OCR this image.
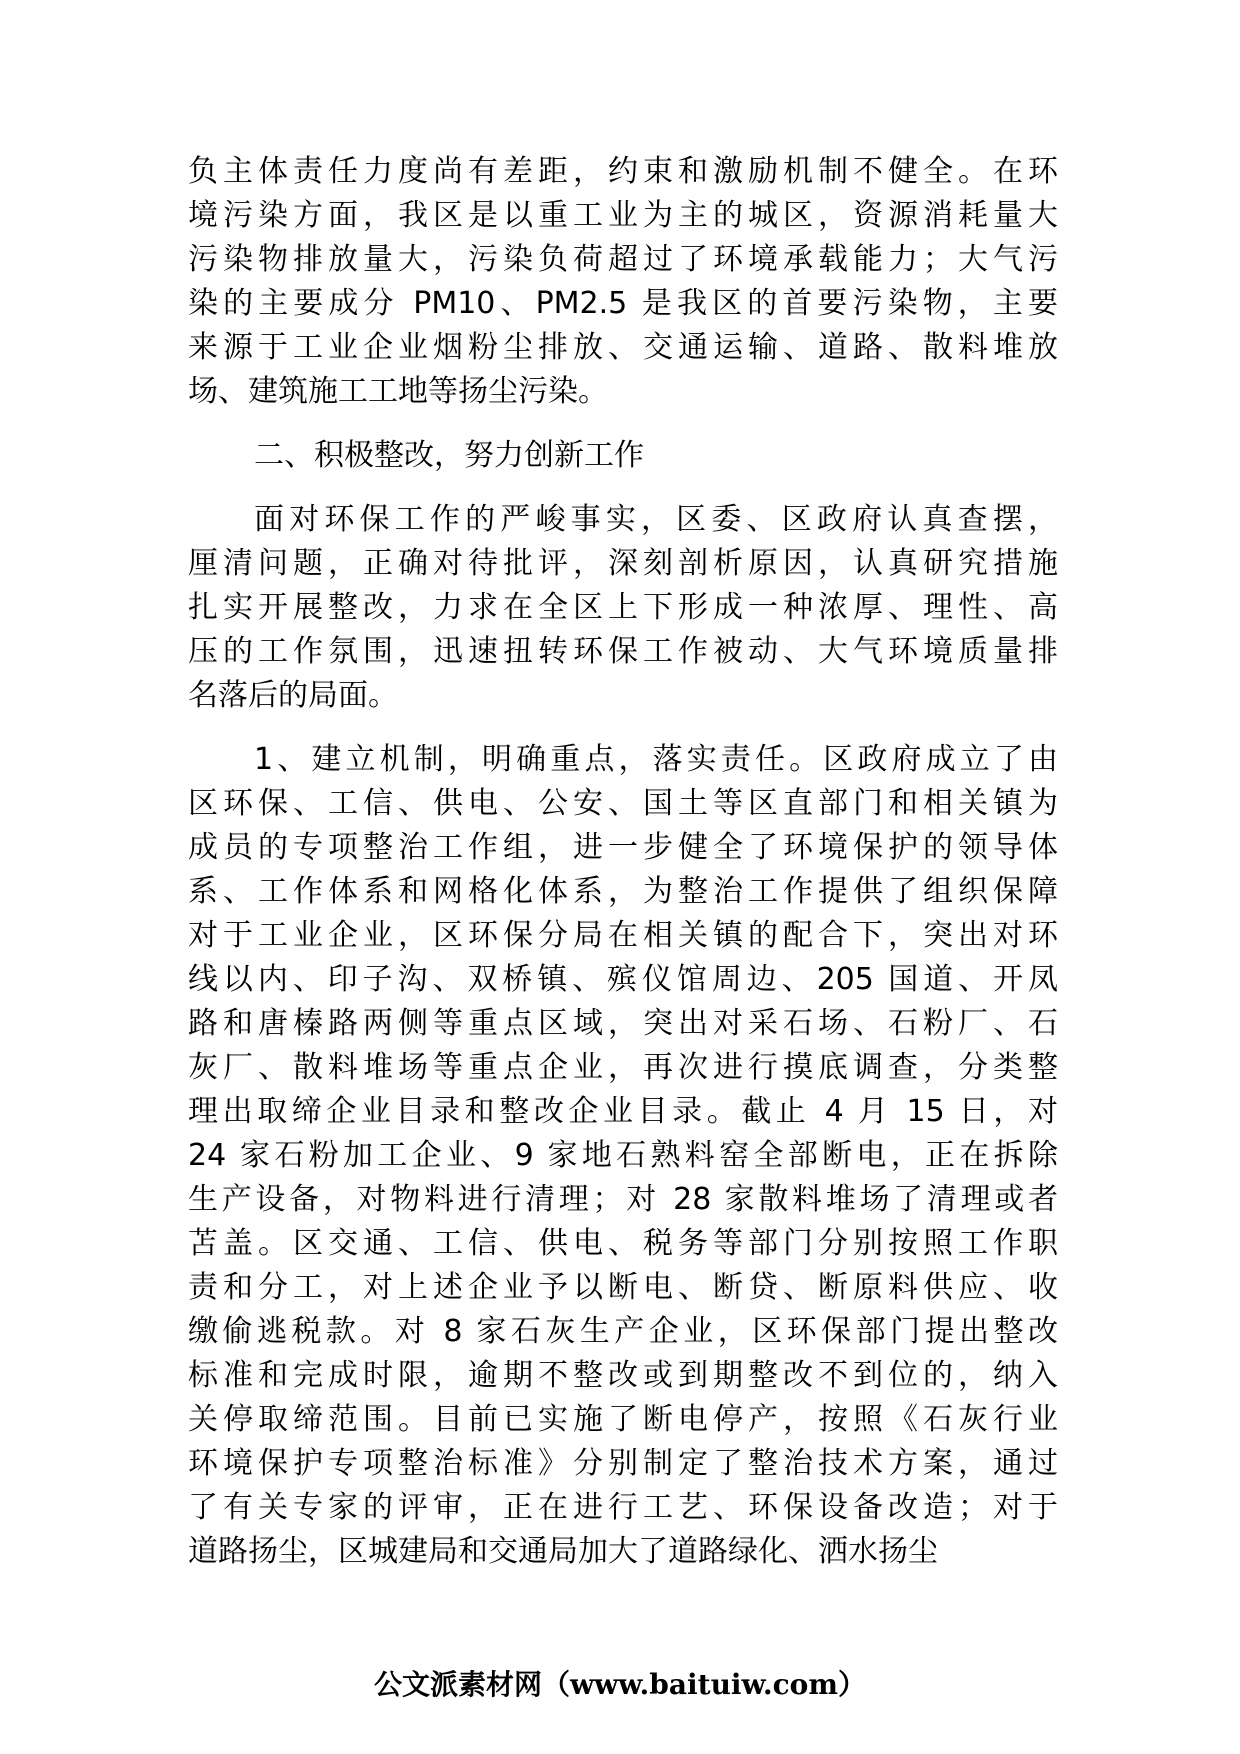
负主体责任力度尚有差距，约束和激励机制不健全。在环
境污染方面，我区是以重工业为主的城区，资源消耗量大
污染物排放量大，污染负荷超过了环境承载能力；大气污
染的主要成分 PM10、PM2.5 是我区的首要污染物，主要
来源于工业企业烟粉尘排放、交通运输、道路、散料堆放
场、建筑施工工地等扬尘污染。
二、积极整改，努力创新工作
面对环保工作的严峻事实，区委、区政府认真查摆，
厘清问题，正确对待批评，深刻剖析原因，认真研究措施
扎实开展整改，力求在全区上下形成一种浓厚、理性、高
压的工作氛围，迅速扭转环保工作被动、大气环境质量排
名落后的局面。
1、建立机制，明确重点，落实责任。区政府成立了由
区环保、工信、供电、公安、国土等区直部门和相关镇为
成员的专项整治工作组，进一步健全了环境保护的领导体
系、工作体系和网格化体系，为整治工作提供了组织保障
对于工业企业，区环保分局在相关镇的配合下，突出对环
线以内、印子沟、双桥镇、殡仪馆周边、205 国道、开凤
路和唐榛路两侧等重点区域，突出对采石场、石粉厂、石
灰厂、散料堆场等重点企业，再次进行摸底调查，分类整
理出取缔企业目录和整改企业目录。截止 4 月 15 日，对
24 家石粉加工企业、9 家地石熟料窑全部断电，正在拆除
生产设备，对物料进行清理；对 28 家散料堆场了清理或者
苫盖。区交通、工信、供电、税务等部门分别按照工作职
责和分工，对上述企业予以断电、断贷、断原料供应、收
缴偷逃税款。对 8 家石灰生产企业，区环保部门提出整改
标准和完成时限，逾期不整改或到期整改不到位的，纳入
关停取缔范围。目前已实施了断电停产，按照《石灰行业
环境保护专项整治标准》分别制定了整治技术方案，通过
了有关专家的评审，正在进行工艺、环保设备改造；对于
道路扬尘，区城建局和交通局加大了道路绿化、洒水扬尘
公文派素材网（www.baituiw.com）
